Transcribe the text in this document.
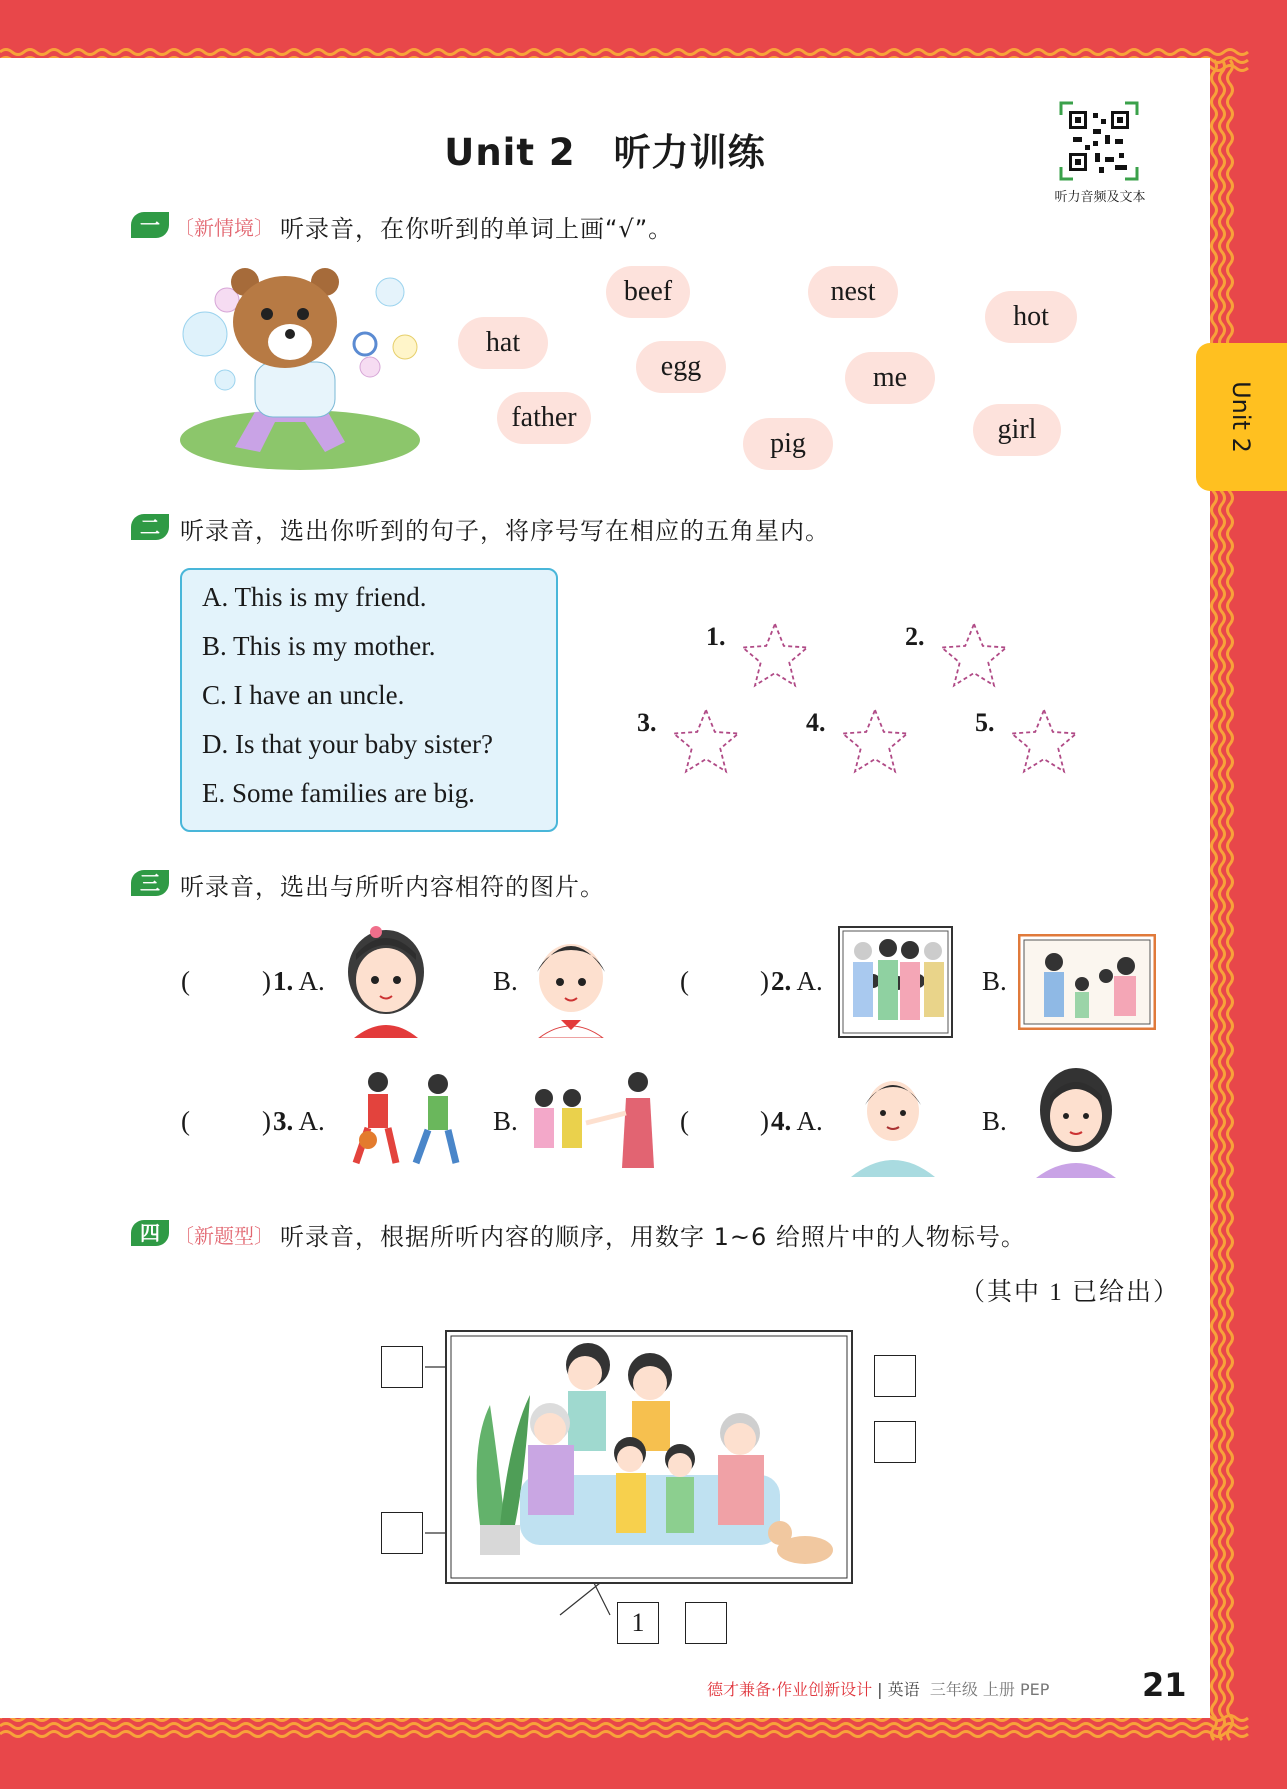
Unit 2　听力训练
听力音频及文本
Unit 2
一 〔新情境〕 听录音，在你听到的单词上画“√”。
beef	nest
hot
hat
egg	me
father
pig	girl
二 听录音，选出你听到的句子，将序号写在相应的五角星内。
A. This is my friend.
B. This is my mother.
C. I have an uncle.
D. Is that your baby sister?
E. Some families are big.
1.	2.
3.	4.	5.
三 听录音，选出与所听内容相符的图片。
(	) 1. A.	B.	(	) 2. A.	B.
(	) 3. A.	B.	(	) 4. A.	B.
四 〔新题型〕 听录音，根据所听内容的顺序，用数字 1~6 给照片中的人物标号。
（其中 1 已给出）
1
德才兼备·作业创新设计 | 英语 三年级 上册 PEP	21
